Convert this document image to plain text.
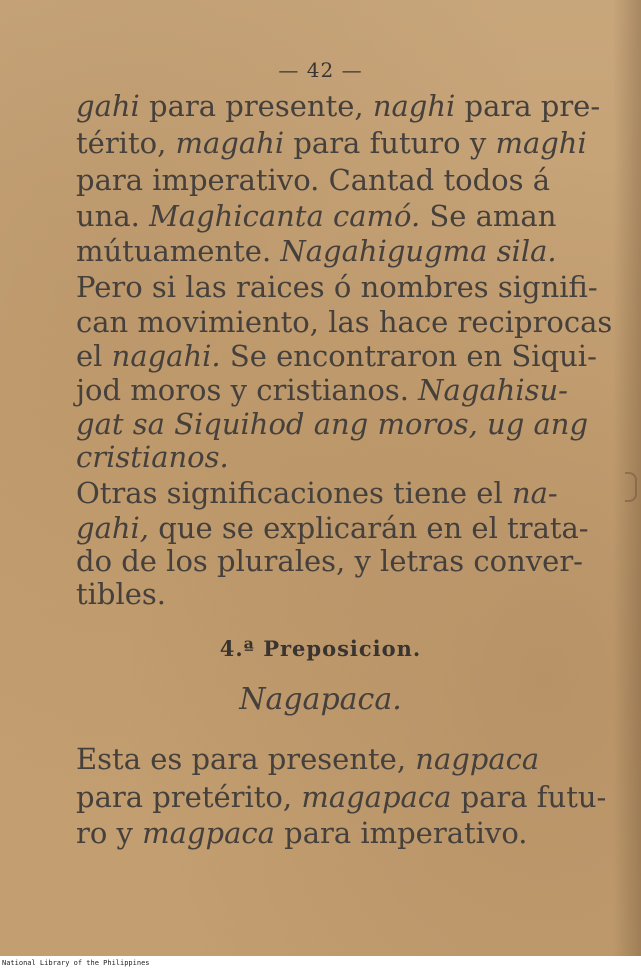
— 42 —
gahi para presente, naghi para pre-
térito, magahi para futuro y maghi
para imperativo. Cantad todos á
una. Maghicanta camó. Se aman
mútuamente. Nagahigugma sila.
Pero si las raices ó nombres signifi-
can movimiento, las hace reciprocas
el nagahi. Se encontraron en Siqui-
jod moros y cristianos. Nagahisu-
gat sa Siquihod ang moros, ug ang
cristianos.
Otras significaciones tiene el na-
gahi, que se explicarán en el trata-
do de los plurales, y letras conver-
tibles.
4.ª Preposicion.
Nagapaca.
Esta es para presente, nagpaca
para pretérito, magapaca para futu-
ro y magpaca para imperativo.
National Library of the Philippines
